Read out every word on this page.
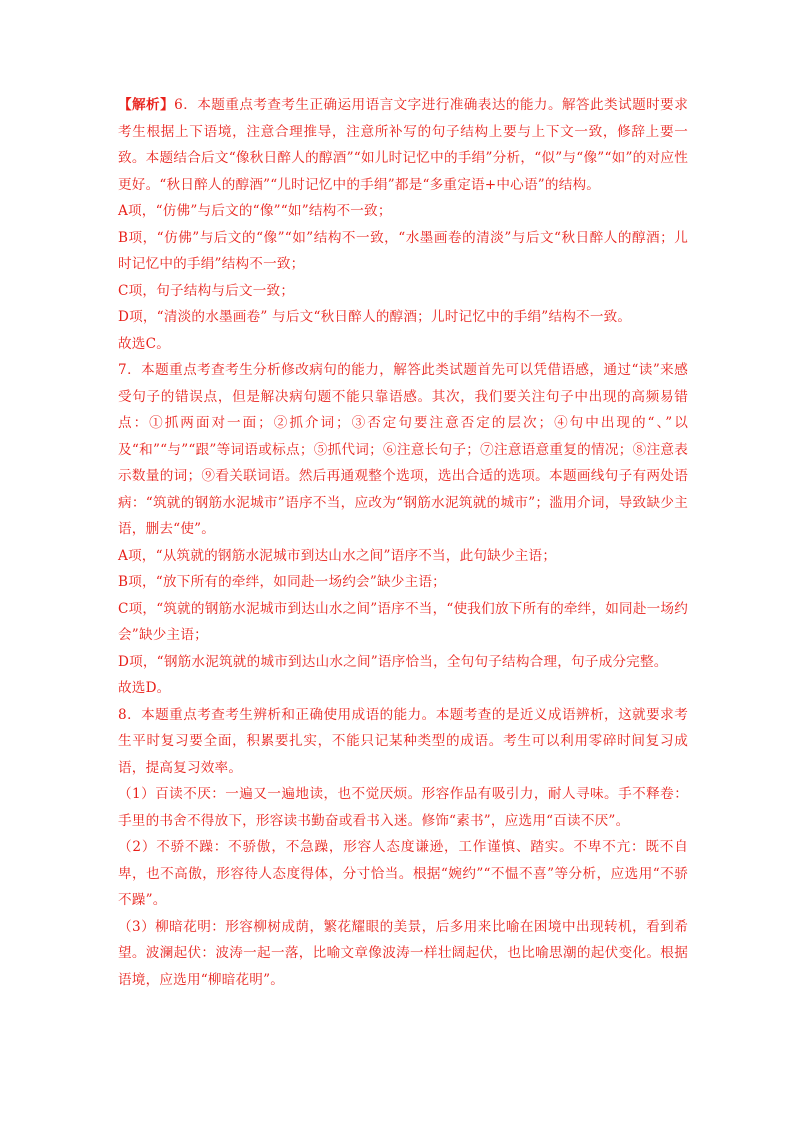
【解析】6．本题重点考查考生正确运用语言文字进行准确表达的能力。解答此类试题时要求考生根据上下语境，注意合理推导，注意所补写的句子结构上要与上下文一致，修辞上要一致。本题结合后文“像秋日醉人的醇酒”“如儿时记忆中的手绢”分析，“似”与“像”“如”的对应性更好。“秋日醉人的醇酒”“儿时记忆中的手绢”都是“多重定语+中心语”的结构。

A项，“仿佛”与后文的“像”“如”结构不一致；

B项，“仿佛”与后文的“像”“如”结构不一致，“水墨画卷的清淡”与后文“秋日醉人的醇酒；儿时记忆中的手绢”结构不一致；

C项，句子结构与后文一致；

D项，“清淡的水墨画卷” 与后文“秋日醉人的醇酒；儿时记忆中的手绢”结构不一致。

故选C。

7．本题重点考查考生分析修改病句的能力，解答此类试题首先可以凭借语感，通过“读”来感受句子的错误点，但是解决病句题不能只靠语感。其次，我们要关注句子中出现的高频易错点：①抓两面对一面；②抓介词；③否定句要注意否定的层次；④句中出现的“、”以及“和”“与”“跟”等词语或标点；⑤抓代词；⑥注意长句子；⑦注意语意重复的情况；⑧注意表示数量的词；⑨看关联词语。然后再通观整个选项，选出合适的选项。本题画线句子有两处语病：“筑就的钢筋水泥城市”语序不当，应改为“钢筋水泥筑就的城市”；滥用介词，导致缺少主语，删去“使”。

A项，“从筑就的钢筋水泥城市到达山水之间”语序不当，此句缺少主语；

B项，“放下所有的牵绊，如同赴一场约会”缺少主语；

C项，“筑就的钢筋水泥城市到达山水之间”语序不当，“使我们放下所有的牵绊，如同赴一场约会”缺少主语；

D项，“钢筋水泥筑就的城市到达山水之间”语序恰当，全句句子结构合理，句子成分完整。

故选D。

8．本题重点考查考生辨析和正确使用成语的能力。本题考查的是近义成语辨析，这就要求考生平时复习要全面，积累要扎实，不能只记某种类型的成语。考生可以利用零碎时间复习成语，提高复习效率。

（1）百读不厌：一遍又一遍地读，也不觉厌烦。形容作品有吸引力，耐人寻味。手不释卷：手里的书舍不得放下，形容读书勤奋或看书入迷。修饰“素书”，应选用“百读不厌”。

（2）不骄不躁：不骄傲，不急躁，形容人态度谦逊，工作谨慎、踏实。不卑不亢：既不自卑，也不高傲，形容待人态度得体，分寸恰当。根据“婉约”“不愠不喜”等分析，应选用“不骄不躁”。

（3）柳暗花明：形容柳树成荫，繁花耀眼的美景，后多用来比喻在困境中出现转机，看到希望。波澜起伏：波涛一起一落，比喻文章像波涛一样壮阔起伏，也比喻思潮的起伏变化。根据语境，应选用“柳暗花明”。
